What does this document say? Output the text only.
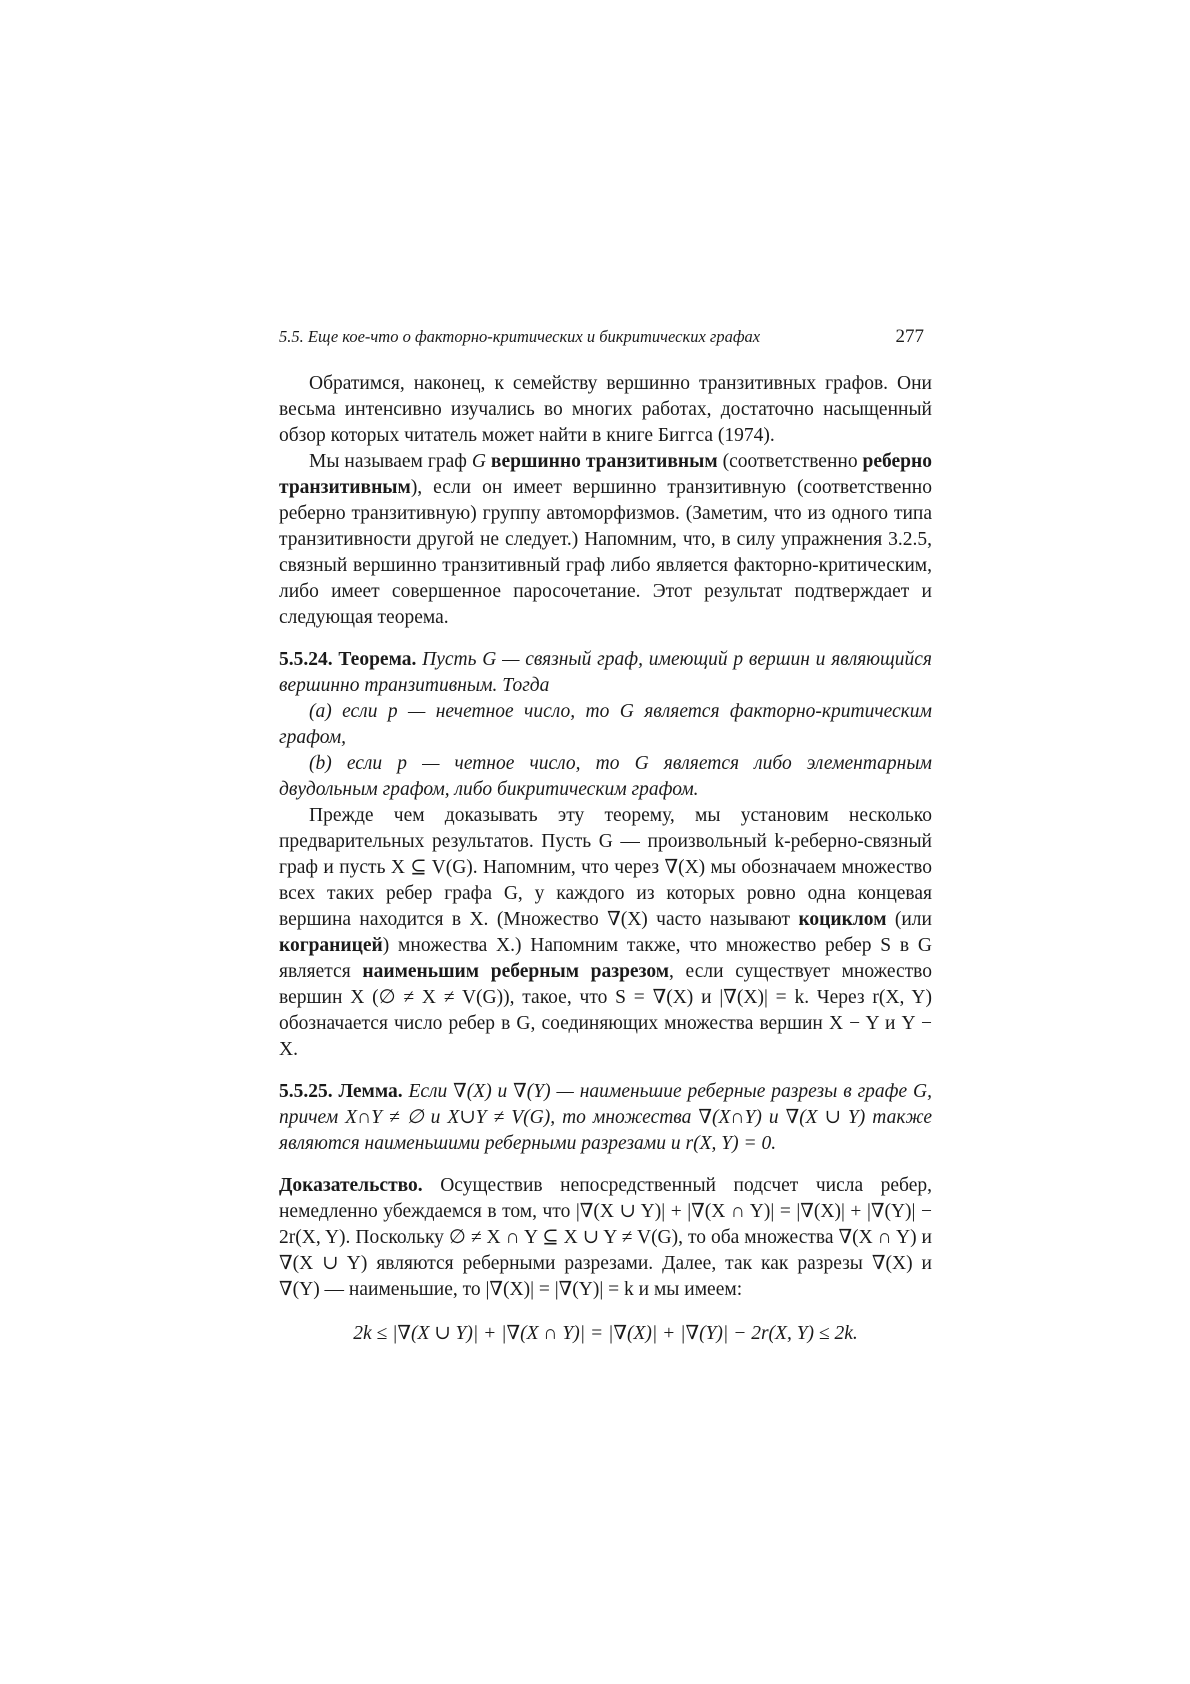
5.5. Еще кое-что о факторно-критических и бикритических графах	277

Обратимся, наконец, к семейству вершинно транзитивных графов. Они весьма интенсивно изучались во многих работах, достаточно насыщенный обзор которых читатель может найти в книге Биггса (1974).

Мы называем граф G вершинно транзитивным (соответственно реберно транзитивным), если он имеет вершинно транзитивную (соответственно реберно транзитивную) группу автоморфизмов. (Заметим, что из одного типа транзитивности другой не следует.) Напомним, что, в силу упражнения 3.2.5, связный вершинно транзитивный граф либо является факторно-критическим, либо имеет совершенное паросочетание. Этот результат подтверждает и следующая теорема.

5.5.24. Теорема. Пусть G — связный граф, имеющий p вершин и являющийся вершинно транзитивным. Тогда

(a) если p — нечетное число, то G является факторно-критическим графом,

(b) если p — четное число, то G является либо элементарным двудольным графом, либо бикритическим графом.

Прежде чем доказывать эту теорему, мы установим несколько предварительных результатов. Пусть G — произвольный k-реберно-связный граф и пусть X ⊆ V(G). Напомним, что через ∇(X) мы обозначаем множество всех таких ребер графа G, у каждого из которых ровно одна концевая вершина находится в X. (Множество ∇(X) часто называют коциклом (или кограницей) множества X.) Напомним также, что множество ребер S в G является наименьшим реберным разрезом, если существует множество вершин X (∅ ≠ X ≠ V(G)), такое, что S = ∇(X) и |∇(X)| = k. Через r(X, Y) обозначается число ребер в G, соединяющих множества вершин X − Y и Y − X.

5.5.25. Лемма. Если ∇(X) и ∇(Y) — наименьшие реберные разрезы в графе G, причем X∩Y ≠ ∅ и X∪Y ≠ V(G), то множества ∇(X∩Y) и ∇(X ∪ Y) также являются наименьшими реберными разрезами и r(X, Y) = 0.

Доказательство. Осуществив непосредственный подсчет числа ребер, немедленно убеждаемся в том, что |∇(X ∪ Y)| + |∇(X ∩ Y)| = |∇(X)| + |∇(Y)| − 2r(X, Y). Поскольку ∅ ≠ X ∩ Y ⊆ X ∪ Y ≠ V(G), то оба множества ∇(X ∩ Y) и ∇(X ∪ Y) являются реберными разрезами. Далее, так как разрезы ∇(X) и ∇(Y) — наименьшие, то |∇(X)| = |∇(Y)| = k и мы имеем:

2k ≤ |∇(X ∪ Y)| + |∇(X ∩ Y)| = |∇(X)| + |∇(Y)| − 2r(X, Y) ≤ 2k.
